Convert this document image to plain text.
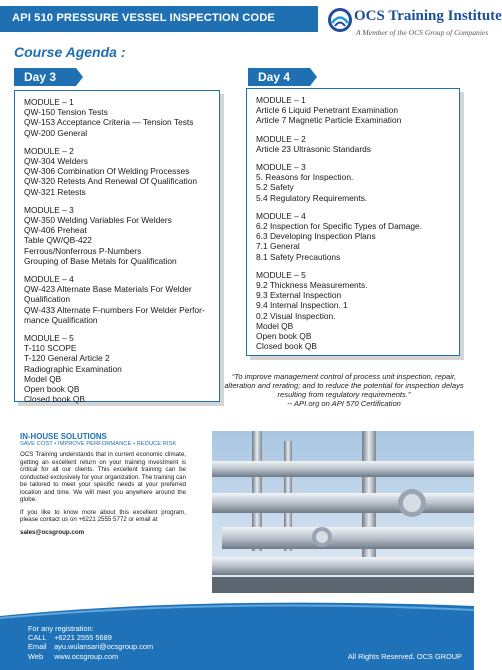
API 510 PRESSURE VESSEL INSPECTION CODE	OCS Training Institute
A Member of the OCS Group of Companies
Course Agenda :
Day 3
MODULE – 1
QW-150 Tension Tests
QW-153 Acceptance Criteria — Tension Tests
QW-200 General
MODULE – 2
QW-304 Welders
QW-306 Combination Of Welding Processes
QW-320 Retests And Renewal Of Qualification
QW-321 Retests
MODULE – 3
QW-350 Welding Variables For Welders
QW-406 Preheat
Table QW/QB-422
Ferrous/Nonferrous P-Numbers
Grouping of Base Metals for Qualification
MODULE – 4
QW-423 Alternate Base Materials For Welder
Qualification
QW-433 Alternate F-numbers For Welder Perfor-
mance Qualification
MODULE – 5
T-110 SCOPE
T-120 General Article 2
Radiographic Examination
Model QB
Open book QB
Closed book QB
Day 4
MODULE – 1
Article 6 Liquid Penetrant Examination
Article 7 Magnetic Particle Examination
MODULE – 2
Article 23 Ultrasonic Standards
MODULE – 3
5. Reasons for Inspection.
5.2 Safety
5.4 Regulatory Requirements.
MODULE – 4
6.2 Inspection for Specific Types of Damage.
6.3 Developing Inspection Plans
7.1 General
8.1 Safety Precautions
MODULE – 5
9.2 Thickness Measurements.
9.3 External Inspection
9.4 Internal Inspection. 1
0.2 Visual Inspection.
Model QB
Open book QB
Closed book QB
“To improve management control of process unit inspection, repair,
alteration and rerating; and to reduce the potential for inspection delays
resulting from regulatory requirements.”
-- API.org on API 570 Certification
IN-HOUSE SOLUTIONS
SAVE COST • IMPROVE PERFORMANCE • REDUCE RISK

OCS Training understands that in current economic climate, getting an excellent return on your training investment is critical for all our clients. This excellent training can be conducted exclusively for your organization. The training can be tailored to meet your specific needs at your preferred location and time. We will meet you anywhere around the globe.

If you like to know more about this excellent program, please contact us on +6221 2555 5772 or email at

sales@ocsgroup.com
For any registration:
CALL +6221 2555 5689
Email ayu.wulansari@ocsgroup.com
Web www.ocsgroup.com	All Rights Reserved. OCS GROUP
